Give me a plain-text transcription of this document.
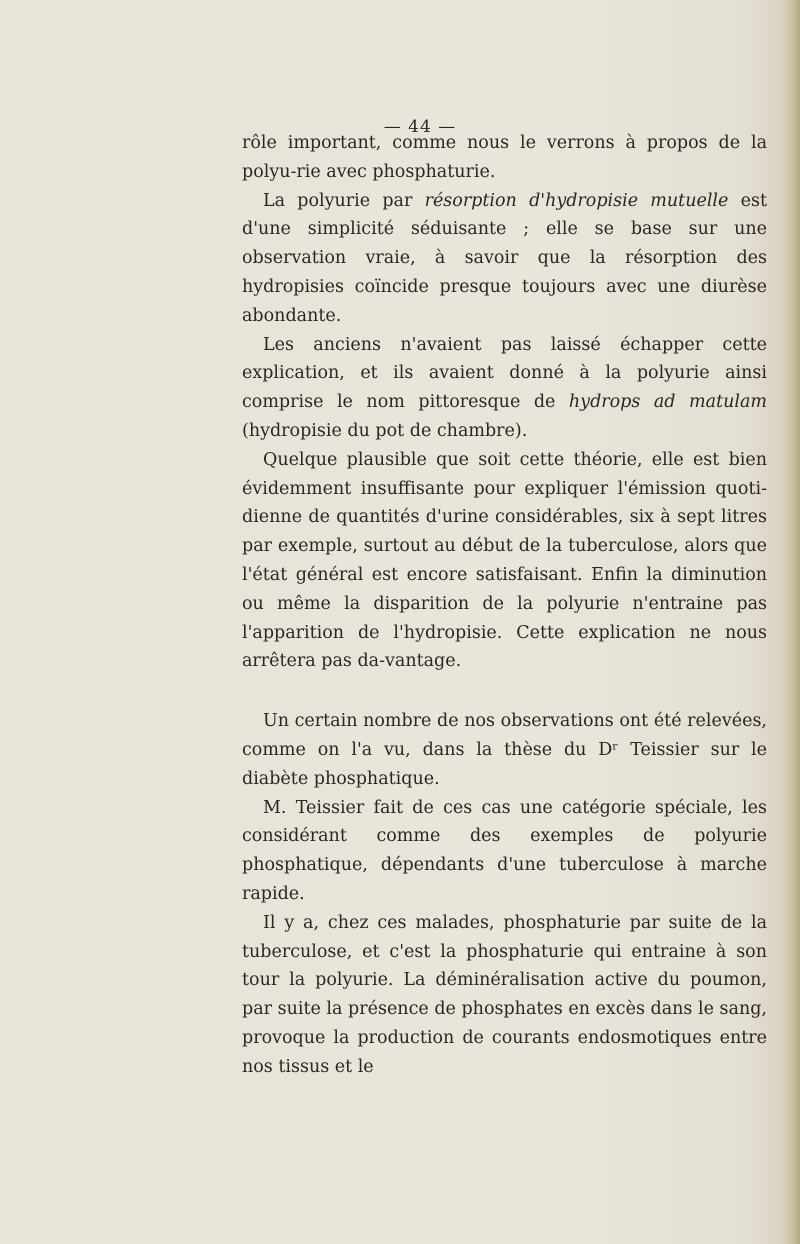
— 44 —

rôle important, comme nous le verrons à propos de la polyu-rie avec phosphaturie.

La polyurie par résorption d'hydropisie mutuelle est d'une simplicité séduisante ; elle se base sur une observation vraie, à savoir que la résorption des hydropisies coïncide presque toujours avec une diurèse abondante.

Les anciens n'avaient pas laissé échapper cette explication, et ils avaient donné à la polyurie ainsi comprise le nom pittoresque de hydrops ad matulam (hydropisie du pot de chambre).

Quelque plausible que soit cette théorie, elle est bien évidemment insuffisante pour expliquer l'émission quoti-dienne de quantités d'urine considérables, six à sept litres par exemple, surtout au début de la tuberculose, alors que l'état général est encore satisfaisant. Enfin la diminution ou même la disparition de la polyurie n'entraine pas l'apparition de l'hydropisie. Cette explication ne nous arrêtera pas da-vantage.

Un certain nombre de nos observations ont été relevées, comme on l'a vu, dans la thèse du Dʳ Teissier sur le diabète phosphatique.

M. Teissier fait de ces cas une catégorie spéciale, les considérant comme des exemples de polyurie phosphatique, dépendants d'une tuberculose à marche rapide.

Il y a, chez ces malades, phosphaturie par suite de la tuberculose, et c'est la phosphaturie qui entraine à son tour la polyurie. La déminéralisation active du poumon, par suite la présence de phosphates en excès dans le sang, provoque la production de courants endosmotiques entre nos tissus et le
